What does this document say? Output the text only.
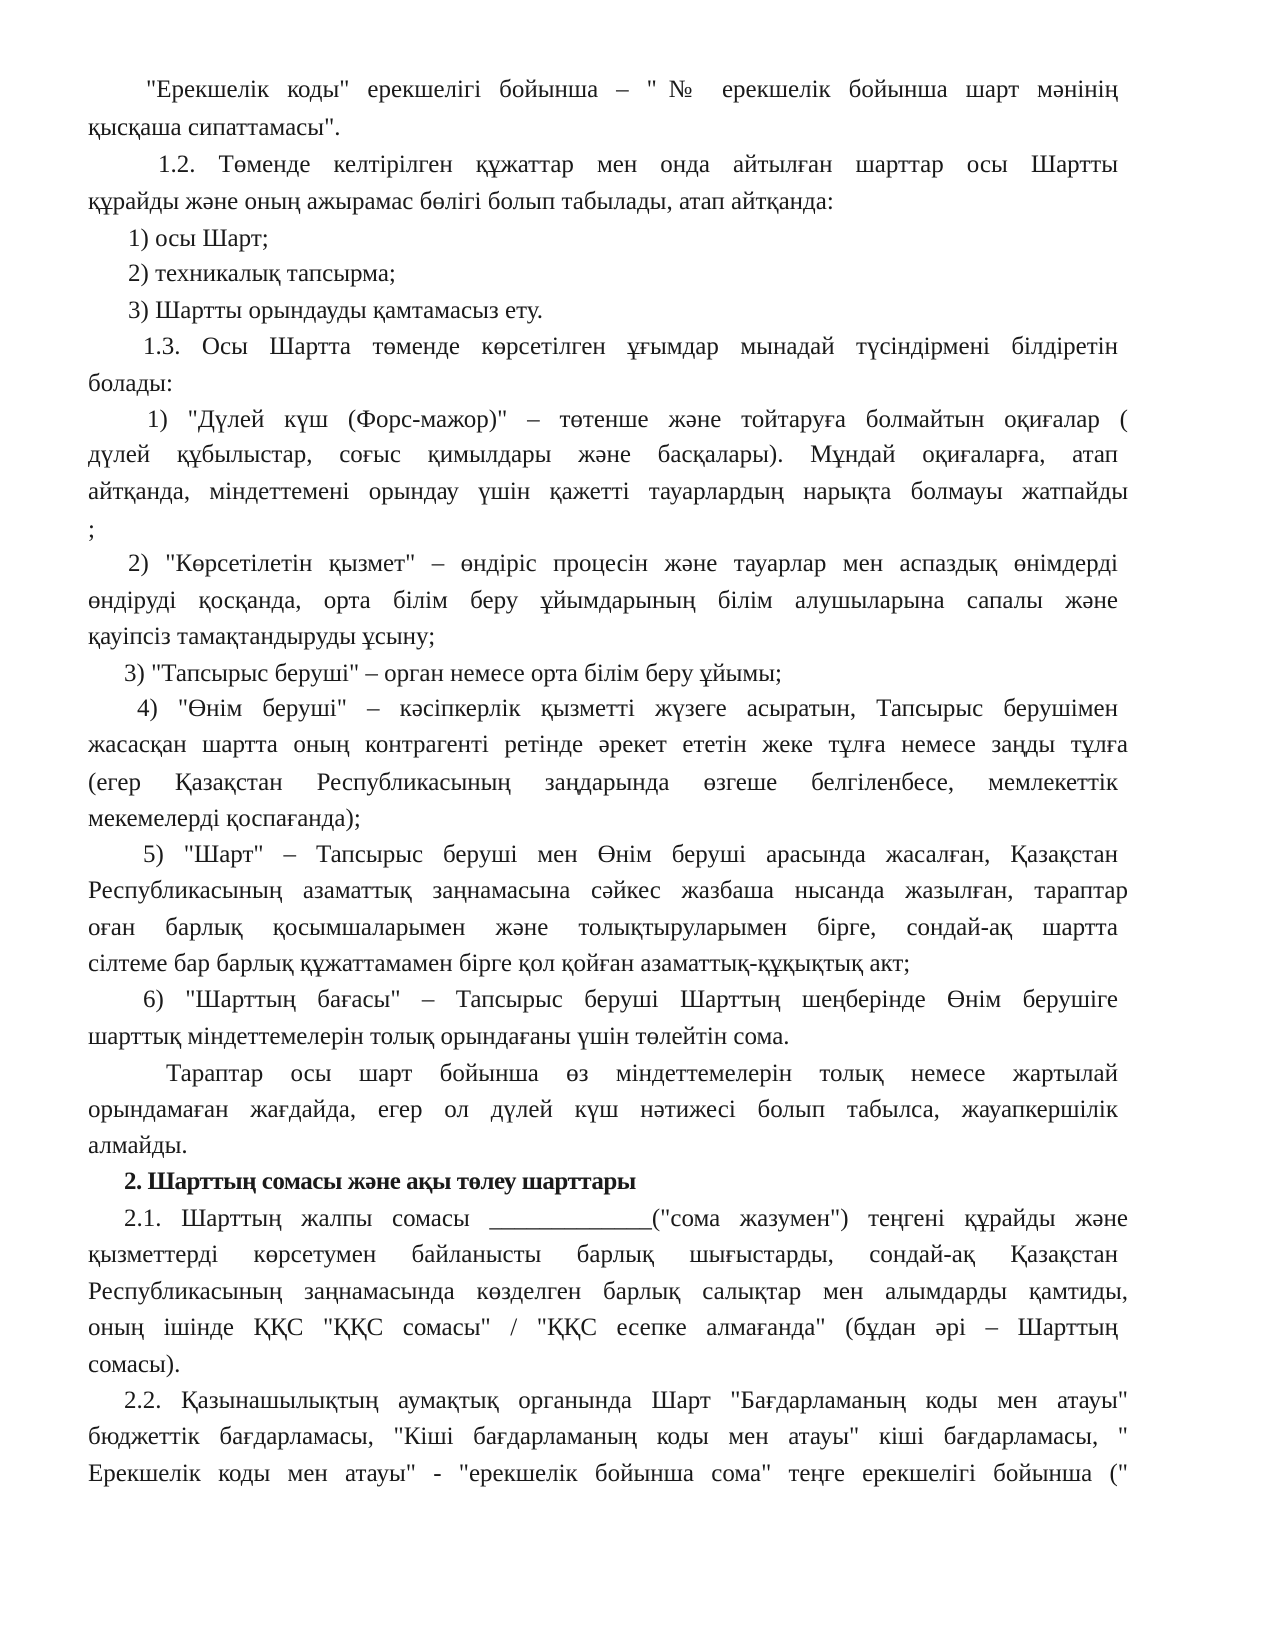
"Ерекшелік коды" ерекшелігі бойынша – "№ ерекшелік бойынша шарт мәнінің
қысқаша сипаттамасы".
1.2. Төменде келтірілген құжаттар мен онда айтылған шарттар осы Шартты
құрайды және оның ажырамас бөлігі болып табылады, атап айтқанда:
1) осы Шарт;
2) техникалық тапсырма;
3) Шартты орындауды қамтамасыз ету.
1.3. Осы Шартта төменде көрсетілген ұғымдар мынадай түсіндірмені білдіретін
болады:
1) "Дүлей күш (Форс-мажор)" – төтенше және тойтаруға болмайтын оқиғалар (
дүлей құбылыстар, соғыс қимылдары және басқалары). Мұндай оқиғаларға, атап
айтқанда, міндеттемені орындау үшін қажетті тауарлардың нарықта болмауы жатпайды
;
2) "Көрсетілетін қызмет" – өндіріс процесін және тауарлар мен аспаздық өнімдерді
өндіруді қосқанда, орта білім беру ұйымдарының білім алушыларына сапалы және
қауіпсіз тамақтандыруды ұсыну;
3) "Тапсырыс беруші" – орган немесе орта білім беру ұйымы;
4) "Өнім беруші" – кәсіпкерлік қызметті жүзеге асыратын, Тапсырыс берушімен
жасасқан шартта оның контрагенті ретінде әрекет ететін жеке тұлға немесе заңды тұлға
(егер Қазақстан Республикасының заңдарында өзгеше белгіленбесе, мемлекеттік
мекемелерді қоспағанда);
5) "Шарт" – Тапсырыс беруші мен Өнім беруші арасында жасалған, Қазақстан
Республикасының азаматтық заңнамасына сәйкес жазбаша нысанда жазылған, тараптар
оған барлық қосымшаларымен және толықтыруларымен бірге, сондай-ақ шартта
сілтеме бар барлық құжаттамамен бірге қол қойған азаматтық-құқықтық акт;
6) "Шарттың бағасы" – Тапсырыс беруші Шарттың шеңберінде Өнім берушіге
шарттық міндеттемелерін толық орындағаны үшін төлейтін сома.
Тараптар осы шарт бойынша өз міндеттемелерін толық немесе жартылай
орындамаған жағдайда, егер ол дүлей күш нәтижесі болып табылса, жауапкершілік
алмайды.
2. Шарттың сомасы және ақы төлеу шарттары
2.1. Шарттың жалпы сомасы _____________("сома жазумен") теңгені құрайды және
қызметтерді көрсетумен байланысты барлық шығыстарды, сондай-ақ Қазақстан
Республикасының заңнамасында көзделген барлық салықтар мен алымдарды қамтиды,
оның ішінде ҚҚС "ҚҚС сомасы" / "ҚҚС есепке алмағанда" (бұдан әрі – Шарттың
сомасы).
2.2. Қазынашылықтың аумақтық органында Шарт "Бағдарламаның коды мен атауы"
бюджеттік бағдарламасы, "Кіші бағдарламаның коды мен атауы" кіші бағдарламасы, "
Ерекшелік коды мен атауы" - "ерекшелік бойынша сома" теңге ерекшелігі бойынша ("
